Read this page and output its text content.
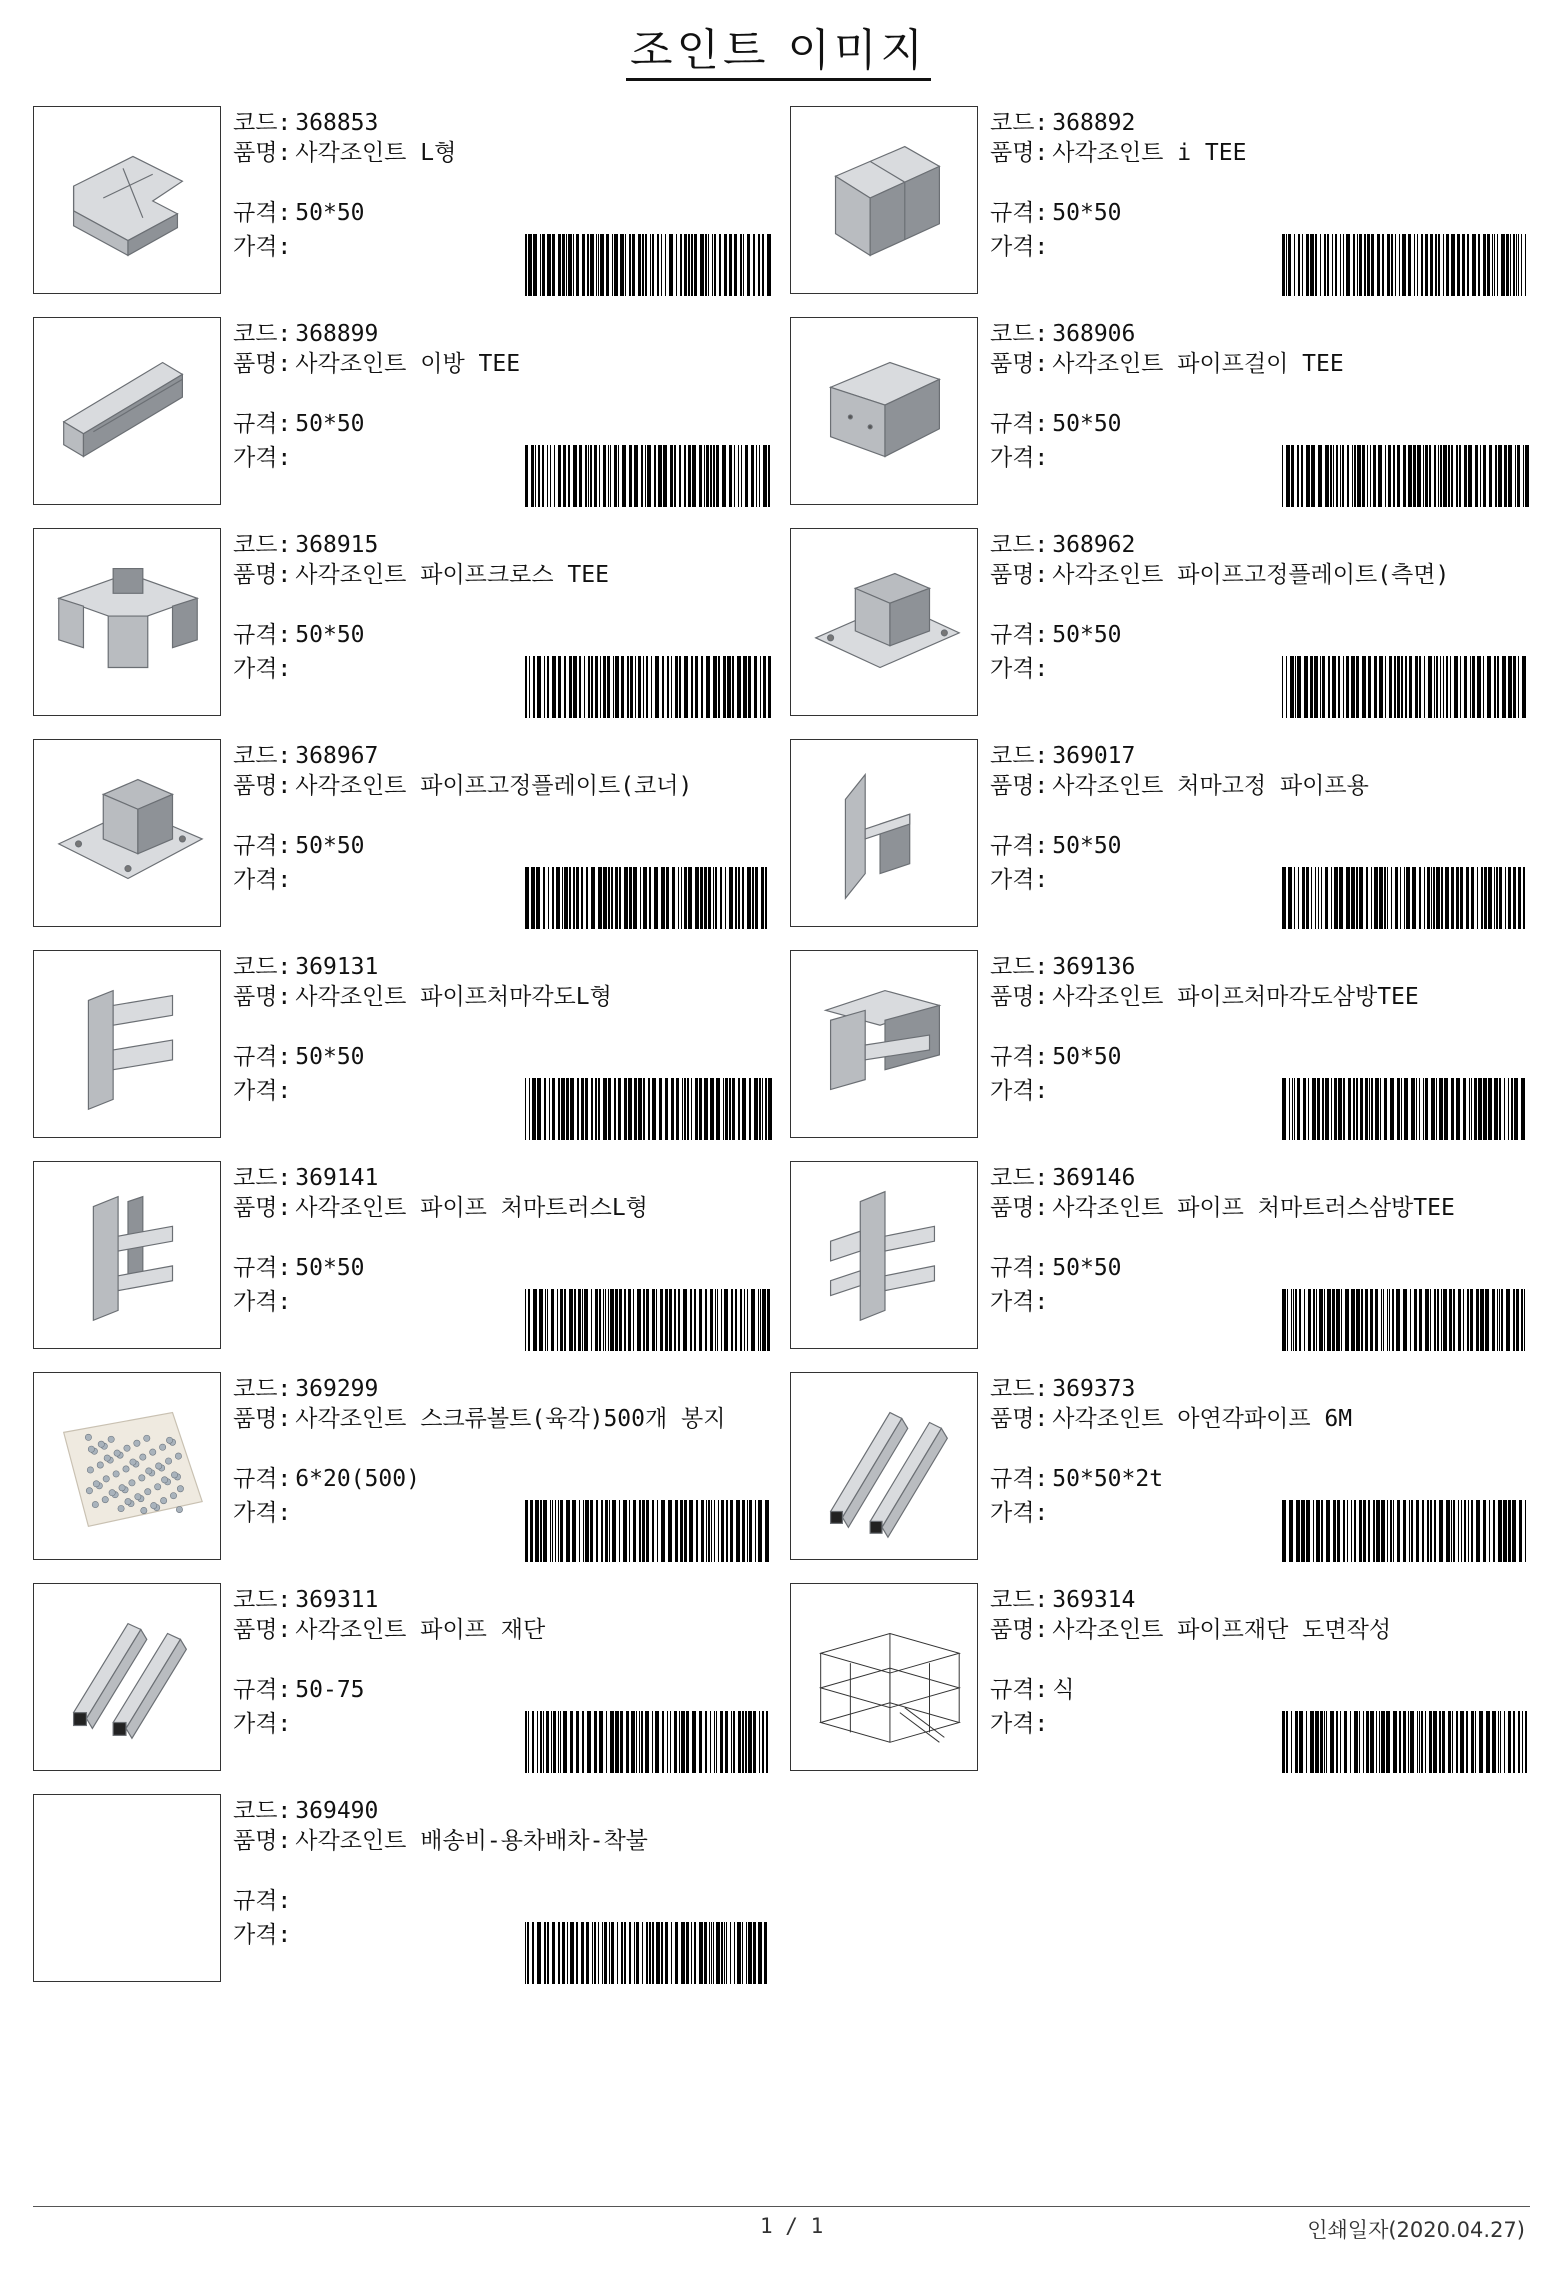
조인트 이미지
코드: 368853
품명: 사각조인트 L형
규격: 50*50
가격:
코드: 368892
품명: 사각조인트 i TEE
규격: 50*50
가격:
코드: 368899
품명: 사각조인트 이방 TEE
규격: 50*50
가격:
코드: 368906
품명: 사각조인트 파이프걸이 TEE
규격: 50*50
가격:
코드: 368915
품명: 사각조인트 파이프크로스 TEE
규격: 50*50
가격:
코드: 368962
품명: 사각조인트 파이프고정플레이트(측면)
규격: 50*50
가격:
코드: 368967
품명: 사각조인트 파이프고정플레이트(코너)
규격: 50*50
가격:
코드: 369017
품명: 사각조인트 처마고정 파이프용
규격: 50*50
가격:
코드: 369131
품명: 사각조인트 파이프처마각도L형
규격: 50*50
가격:
코드: 369136
품명: 사각조인트 파이프처마각도삼방TEE
규격: 50*50
가격:
코드: 369141
품명: 사각조인트 파이프 처마트러스L형
규격: 50*50
가격:
코드: 369146
품명: 사각조인트 파이프 처마트러스삼방TEE
규격: 50*50
가격:
코드: 369299
품명: 사각조인트 스크류볼트(육각)500개 봉지
규격: 6*20(500)
가격:
코드: 369373
품명: 사각조인트 아연각파이프 6M
규격: 50*50*2t
가격:
코드: 369311
품명: 사각조인트 파이프 재단
규격: 50-75
가격:
코드: 369314
품명: 사각조인트 파이프재단 도면작성
규격: 식
가격:
코드: 369490
품명: 사각조인트 배송비-용차배차-착불
규격:
가격:
1 / 1	인쇄일자(2020.04.27)
